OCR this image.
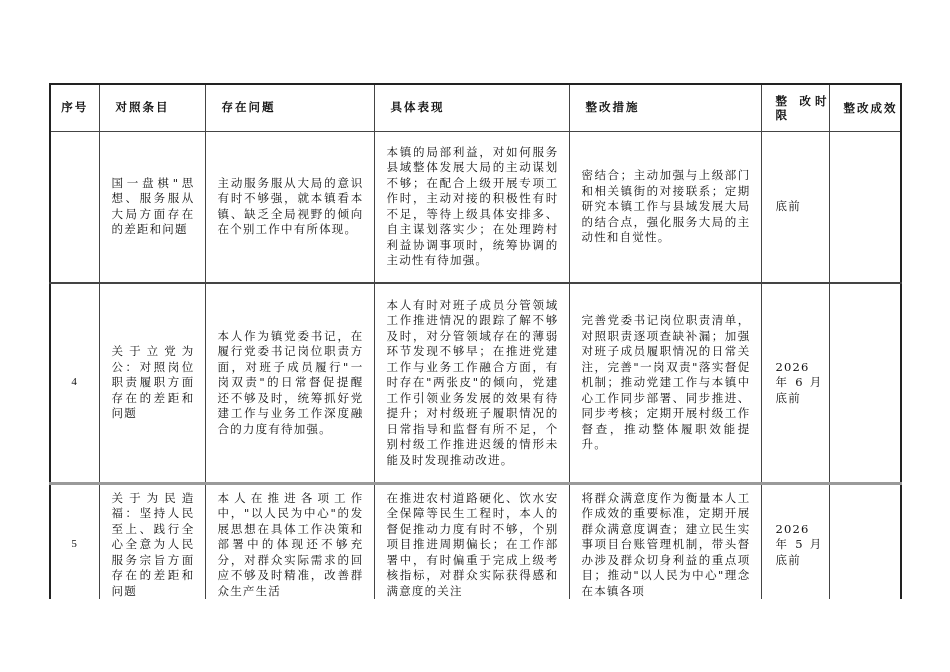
序号	对照条目	存在问题	具体表现	整改措施	整 改时限	整改成效

	国一盘棋"思想、服务服从大局方面存在的差距和问题	主动服务服从大局的意识有时不够强，就本镇看本镇、缺乏全局视野的倾向在个别工作中有所体现。	本镇的局部利益，对如何服务县域整体发展大局的主动谋划不够；在配合上级开展专项工作时，主动对接的积极性有时不足，等待上级具体安排多、自主谋划落实少；在处理跨村利益协调事项时，统筹协调的主动性有待加强。	密结合；主动加强与上级部门和相关镇街的对接联系；定期研究本镇工作与县域发展大局的结合点，强化服务大局的主动性和自觉性。	底前	

4	关于立党为公：对照岗位职责履职方面存在的差距和问题	本人作为镇党委书记，在履行党委书记岗位职责方面，对班子成员履行"一岗双责"的日常督促提醒还不够及时，统筹抓好党建工作与业务工作深度融合的力度有待加强。	本人有时对班子成员分管领域工作推进情况的跟踪了解不够及时，对分管领域存在的薄弱环节发现不够早；在推进党建工作与业务工作融合方面，有时存在"两张皮"的倾向，党建工作引领业务发展的效果有待提升；对村级班子履职情况的日常指导和监督有所不足，个别村级工作推进迟缓的情形未能及时发现推动改进。	完善党委书记岗位职责清单，对照职责逐项查缺补漏；加强对班子成员履职情况的日常关注，完善"一岗双责"落实督促机制；推动党建工作与本镇中心工作同步部署、同步推进、同步考核；定期开展村级工作督查，推动整体履职效能提升。	2026 年 6 月底前	

5	关于为民造福：坚持人民至上、践行全心全意为人民服务宗旨方面存在的差距和问题	本人在推进各项工作中，"以人民为中心"的发展思想在具体工作决策和部署中的体现还不够充分，对群众实际需求的回应不够及时精准，改善群众生产生活	在推进农村道路硬化、饮水安全保障等民生工程时，本人的督促推动力度有时不够，个别项目推进周期偏长；在工作部署中，有时偏重于完成上级考核指标，对群众实际获得感和满意度的关注	将群众满意度作为衡量本人工作成效的重要标准，定期开展群众满意度调查；建立民生实事项目台账管理机制，带头督办涉及群众切身利益的重点项目；推动"以人民为中心"理念在本镇各项	2026 年 5 月底前	
